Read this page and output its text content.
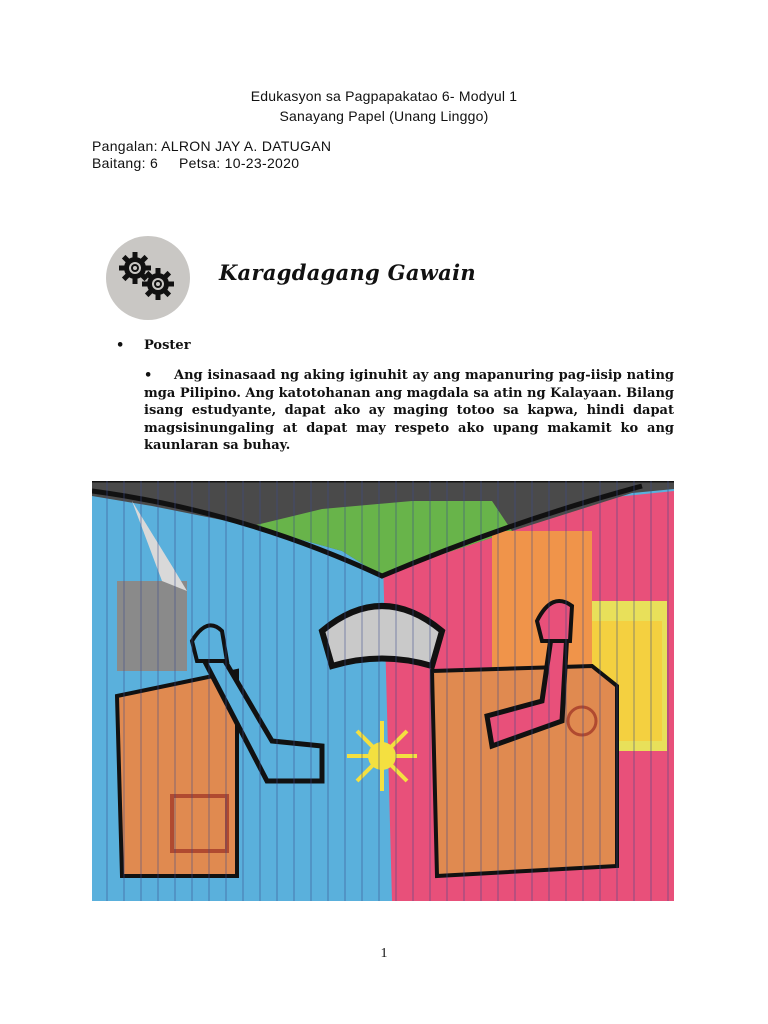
Edukasyon sa Pagpapakatao 6- Modyul 1
Sanayang Papel (Unang Linggo)
Pangalan: ALRON JAY A. DATUGAN
Baitang: 6     Petsa: 10-23-2020
Karagdagang Gawain
• Poster
• Ang isinasaad ng aking iginuhit ay ang mapanuring pag-iisip nating mga Pilipino. Ang katotohanan ang magdala sa atin ng Kalayaan. Bilang isang estudyante, dapat ako ay maging totoo sa kapwa, hindi dapat magsisinungaling at dapat may respeto ako upang makamit ko ang kaunlaran sa buhay.
1
